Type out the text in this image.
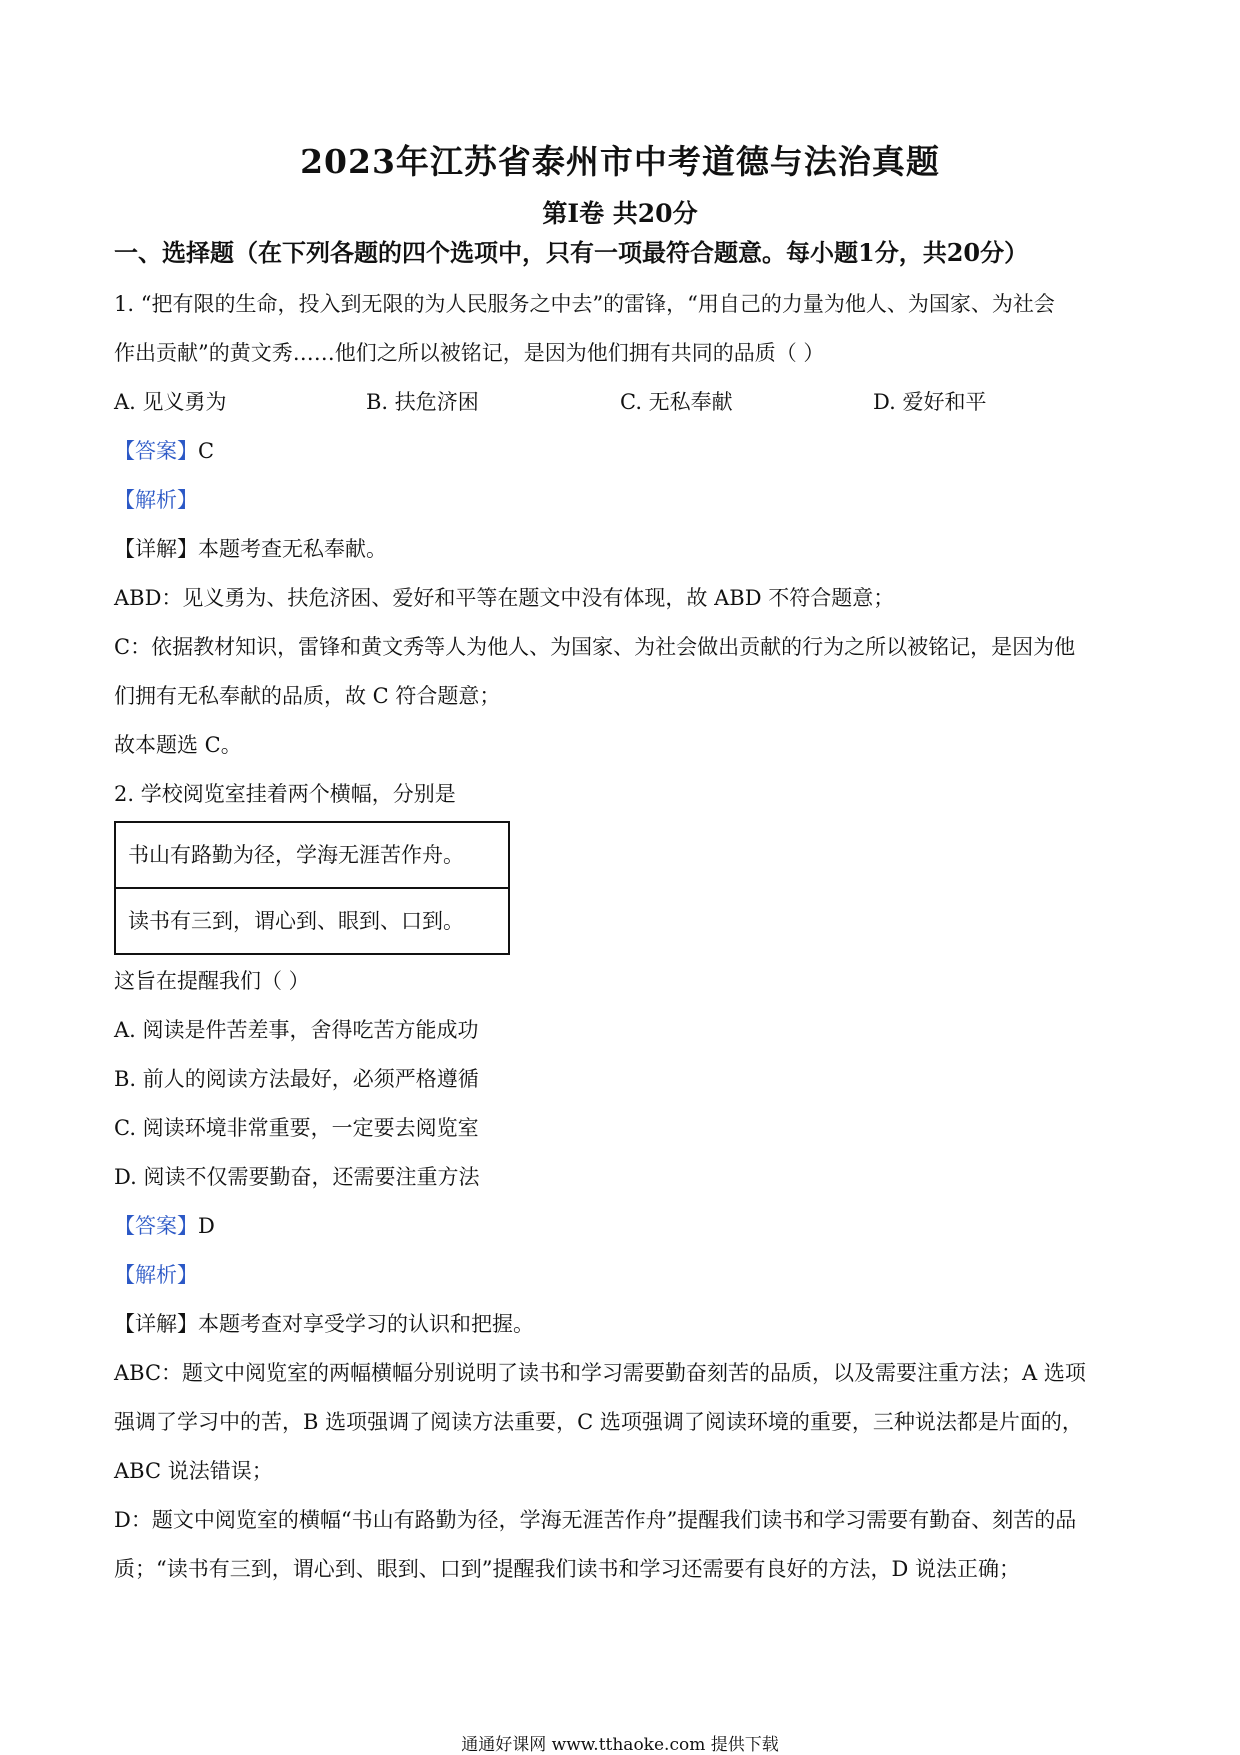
2023年江苏省泰州市中考道德与法治真题
第Ⅰ卷 共20分
一、选择题（在下列各题的四个选项中，只有一项最符合题意。每小题1分，共20分）
1. “把有限的生命，投入到无限的为人民服务之中去”的雷锋，“用自己的力量为他人、为国家、为社会
作出贡献”的黄文秀……他们之所以被铭记，是因为他们拥有共同的品质（ ）
A. 见义勇为	B. 扶危济困	C. 无私奉献	D. 爱好和平
【答案】C
【解析】
【详解】本题考查无私奉献。
ABD：见义勇为、扶危济困、爱好和平等在题文中没有体现，故 ABD 不符合题意；
C：依据教材知识，雷锋和黄文秀等人为他人、为国家、为社会做出贡献的行为之所以被铭记，是因为他
们拥有无私奉献的品质，故 C 符合题意；
故本题选 C。
2. 学校阅览室挂着两个横幅，分别是
书山有路勤为径，学海无涯苦作舟。
读书有三到，谓心到、眼到、口到。
这旨在提醒我们（ ）
A. 阅读是件苦差事，舍得吃苦方能成功
B. 前人的阅读方法最好，必须严格遵循
C. 阅读环境非常重要，一定要去阅览室
D. 阅读不仅需要勤奋，还需要注重方法
【答案】D
【解析】
【详解】本题考查对享受学习的认识和把握。
ABC：题文中阅览室的两幅横幅分别说明了读书和学习需要勤奋刻苦的品质，以及需要注重方法；A 选项
强调了学习中的苦，B 选项强调了阅读方法重要，C 选项强调了阅读环境的重要，三种说法都是片面的，
ABC 说法错误；
D：题文中阅览室的横幅“书山有路勤为径，学海无涯苦作舟”提醒我们读书和学习需要有勤奋、刻苦的品
质；“读书有三到，谓心到、眼到、口到”提醒我们读书和学习还需要有良好的方法，D 说法正确；
通通好课网 www.tthaoke.com 提供下载
